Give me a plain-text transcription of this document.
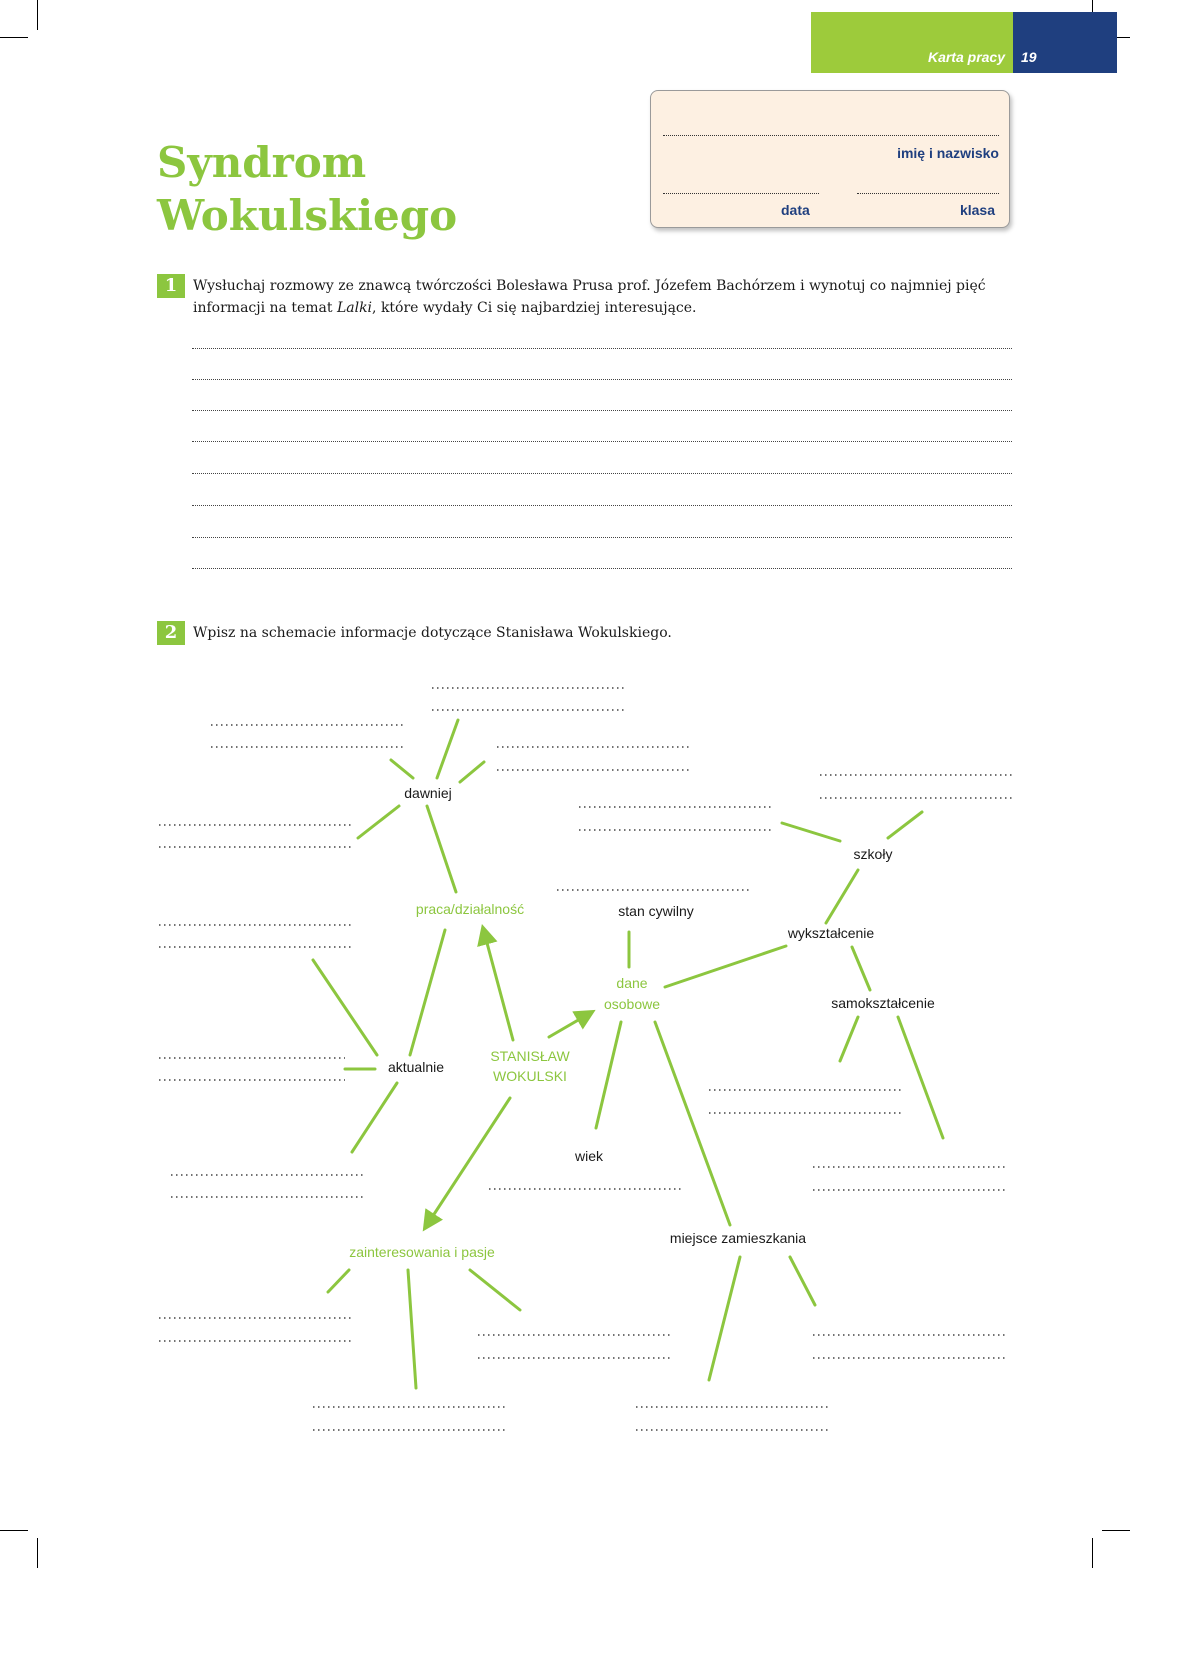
Karta pracy 19
Syndrom
Wokulskiego
imię i nazwisko
data	klasa
1	Wysłuchaj rozmowy ze znawcą twórczości Bolesława Prusa prof. Józefem Bachórzem i wynotuj co najmniej pięć informacji na temat Lalki, które wydały Ci się najbardziej interesujące.

2	Wpisz na schemacie informacje dotyczące Stanisława Wokulskiego.

STANISŁAW
WOKULSKI
praca/działalność
dawniej
aktualnie
dane
osobowe
stan cywilny
wykształcenie
szkoły
samokształcenie
wiek
miejsce zamieszkania
zainteresowania i pasje
